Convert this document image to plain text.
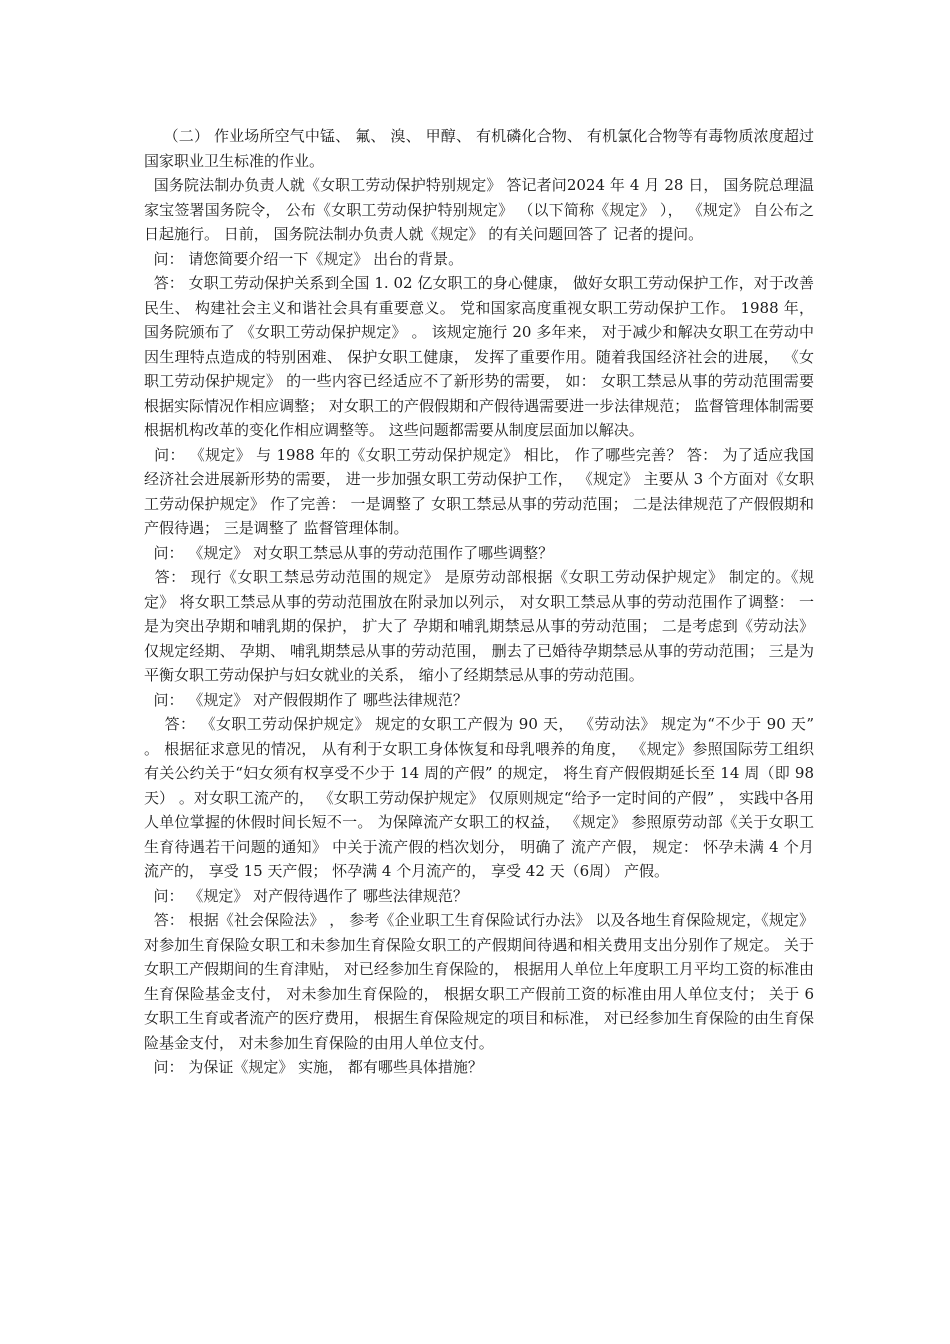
（二） 作业场所空气中锰、 氟、 溴、 甲醇、 有机磷化合物、 有机氯化合物等有毒物质浓度超过国家职业卫生标准的作业。

国务院法制办负责人就《女职工劳动保护特别规定》 答记者问2024 年 4 月 28 日， 国务院总理温家宝签署国务院令， 公布《女职工劳动保护特别规定》 （以下简称《规定》 ）， 《规定》 自公布之日起施行。 日前， 国务院法制办负责人就《规定》 的有关问题回答了 记者的提问。

问： 请您简要介绍一下《规定》 出台的背景。

答： 女职工劳动保护关系到全国 1. 02 亿女职工的身心健康， 做好女职工劳动保护工作，对于改善民生、 构建社会主义和谐社会具有重要意义。 党和国家高度重视女职工劳动保护工作。 1988 年， 国务院颁布了 《女职工劳动保护规定》 。 该规定施行 20 多年来， 对于减少和解决女职工在劳动中因生理特点造成的特别困难、 保护女职工健康， 发挥了重要作用。随着我国经济社会的进展， 《女职工劳动保护规定》 的一些内容已经适应不了新形势的需要， 如： 女职工禁忌从事的劳动范围需要根据实际情况作相应调整； 对女职工的产假假期和产假待遇需要进一步法律规范； 监督管理体制需要根据机构改革的变化作相应调整等。 这些问题都需要从制度层面加以解决。

问： 《规定》 与 1988 年的《女职工劳动保护规定》 相比， 作了哪些完善？ 答： 为了适应我国经济社会进展新形势的需要， 进一步加强女职工劳动保护工作， 《规定》 主要从 3 个方面对《女职工劳动保护规定》 作了完善： 一是调整了 女职工禁忌从事的劳动范围； 二是法律规范了产假假期和产假待遇； 三是调整了 监督管理体制。

问： 《规定》 对女职工禁忌从事的劳动范围作了哪些调整？

答： 现行《女职工禁忌劳动范围的规定》 是原劳动部根据《女职工劳动保护规定》 制定的。《规定》 将女职工禁忌从事的劳动范围放在附录加以列示， 对女职工禁忌从事的劳动范围作了调整： 一是为突出孕期和哺乳期的保护， 扩大了 孕期和哺乳期禁忌从事的劳动范围； 二是考虑到《劳动法》 仅规定经期、 孕期、 哺乳期禁忌从事的劳动范围， 删去了已婚待孕期禁忌从事的劳动范围； 三是为平衡女职工劳动保护与妇女就业的关系， 缩小了经期禁忌从事的劳动范围。

问： 《规定》 对产假假期作了 哪些法律规范？

答： 《女职工劳动保护规定》 规定的女职工产假为 90 天， 《劳动法》 规定为“不少于 90 天” 。 根据征求意见的情况， 从有利于女职工身体恢复和母乳喂养的角度， 《规定》参照国际劳工组织有关公约关于“妇女须有权享受不少于 14 周的产假” 的规定， 将生育产假假期延长至 14 周（即 98 天） 。对女职工流产的， 《女职工劳动保护规定》 仅原则规定“给予一定时间的产假” ， 实践中各用人单位掌握的休假时间长短不一。 为保障流产女职工的权益， 《规定》 参照原劳动部《关于女职工生育待遇若干问题的通知》 中关于流产假的档次划分， 明确了 流产产假， 规定： 怀孕未满 4 个月流产的， 享受 15 天产假； 怀孕满 4 个月流产的， 享受 42 天（6周） 产假。

问： 《规定》 对产假待遇作了 哪些法律规范？

答： 根据《社会保险法》 ， 参考《企业职工生育保险试行办法》 以及各地生育保险规定，《规定》 对参加生育保险女职工和未参加生育保险女职工的产假期间待遇和相关费用支出分别作了规定。 关于女职工产假期间的生育津贴， 对已经参加生育保险的， 根据用人单位上年度职工月平均工资的标准由生育保险基金支付， 对未参加生育保险的， 根据女职工产假前工资的标准由用人单位支付； 关于 6 女职工生育或者流产的医疗费用， 根据生育保险规定的项目和标准， 对已经参加生育保险的由生育保险基金支付， 对未参加生育保险的由用人单位支付。

问： 为保证《规定》 实施， 都有哪些具体措施？
